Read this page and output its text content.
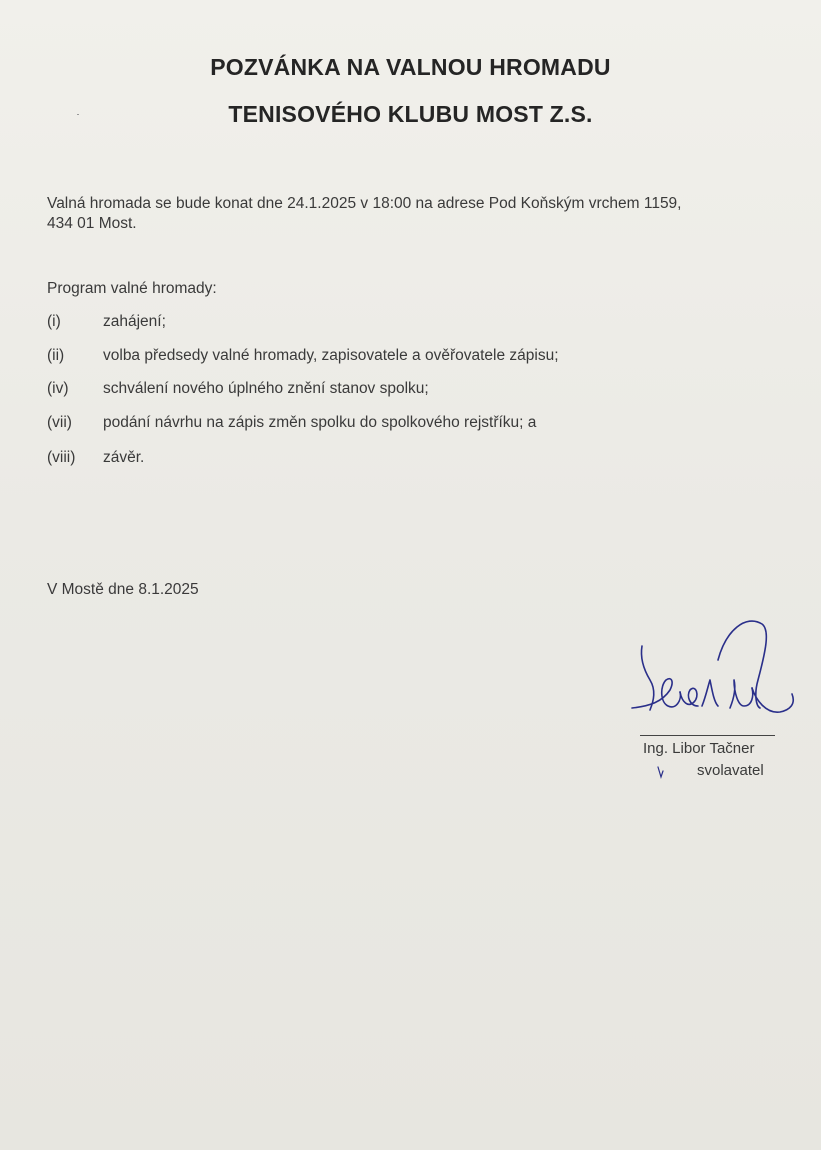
POZVÁNKA NA VALNOU HROMADU
TENISOVÉHO KLUBU MOST Z.S.
Valná hromada se bude konat dne 24.1.2025 v 18:00 na adrese Pod Koňským vrchem 1159,
434 01 Most.
Program valné hromady:
(i)	zahájení;
(ii)	volba předsedy valné hromady, zapisovatele a ověřovatele zápisu;
(iv)	schválení nového úplného znění stanov spolku;
(vii)	podání návrhu na zápis změn spolku do spolkového rejstříku; a
(viii)	závěr.
V Mostě dne 8.1.2025
Ing. Libor Tačner
svolavatel
